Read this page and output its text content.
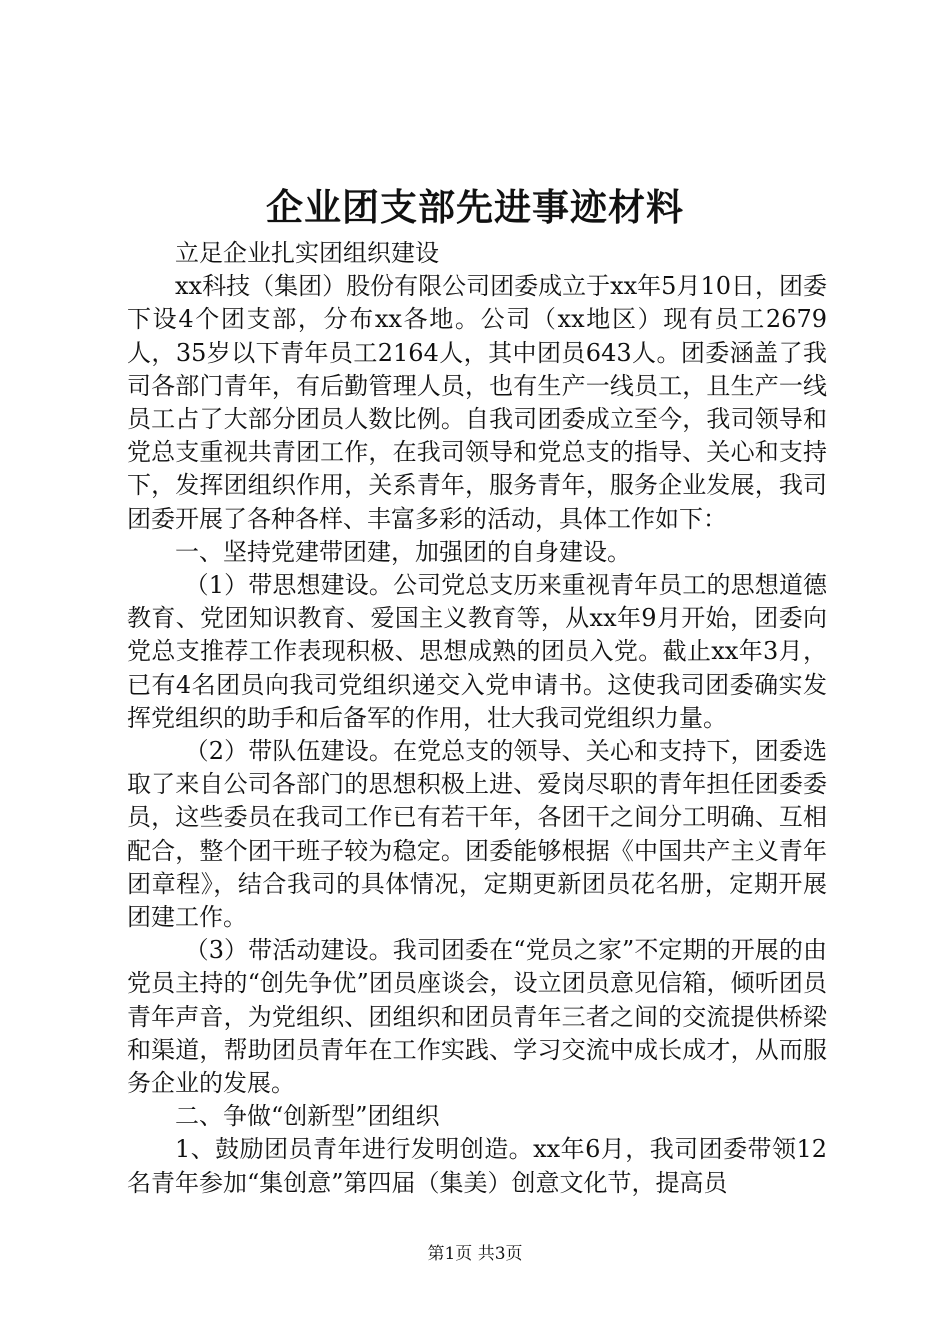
企业团支部先进事迹材料

立足企业扎实团组织建设

xx科技（集团）股份有限公司团委成立于xx年5月10日，团委下设4个团支部，分布xx各地。公司（xx地区）现有员工2679人，35岁以下青年员工2164人，其中团员643人。团委涵盖了我司各部门青年，有后勤管理人员，也有生产一线员工，且生产一线员工占了大部分团员人数比例。自我司团委成立至今，我司领导和党总支重视共青团工作，在我司领导和党总支的指导、关心和支持下，发挥团组织作用，关系青年，服务青年，服务企业发展，我司团委开展了各种各样、丰富多彩的活动，具体工作如下：

一、坚持党建带团建，加强团的自身建设。

（1）带思想建设。公司党总支历来重视青年员工的思想道德教育、党团知识教育、爱国主义教育等，从xx年9月开始，团委向党总支推荐工作表现积极、思想成熟的团员入党。截止xx年3月，已有4名团员向我司党组织递交入党申请书。这使我司团委确实发挥党组织的助手和后备军的作用，壮大我司党组织力量。

（2）带队伍建设。在党总支的领导、关心和支持下，团委选取了来自公司各部门的思想积极上进、爱岗尽职的青年担任团委委员，这些委员在我司工作已有若干年，各团干之间分工明确、互相配合，整个团干班子较为稳定。团委能够根据《中国共产主义青年团章程》，结合我司的具体情况，定期更新团员花名册，定期开展团建工作。

（3）带活动建设。我司团委在“党员之家”不定期的开展的由党员主持的“创先争优”团员座谈会，设立团员意见信箱，倾听团员青年声音，为党组织、团组织和团员青年三者之间的交流提供桥梁和渠道，帮助团员青年在工作实践、学习交流中成长成才，从而服务企业的发展。

二、争做“创新型”团组织

1、鼓励团员青年进行发明创造。xx年6月，我司团委带领12名青年参加“集创意”第四届（集美）创意文化节，提高员

第1页 共3页
